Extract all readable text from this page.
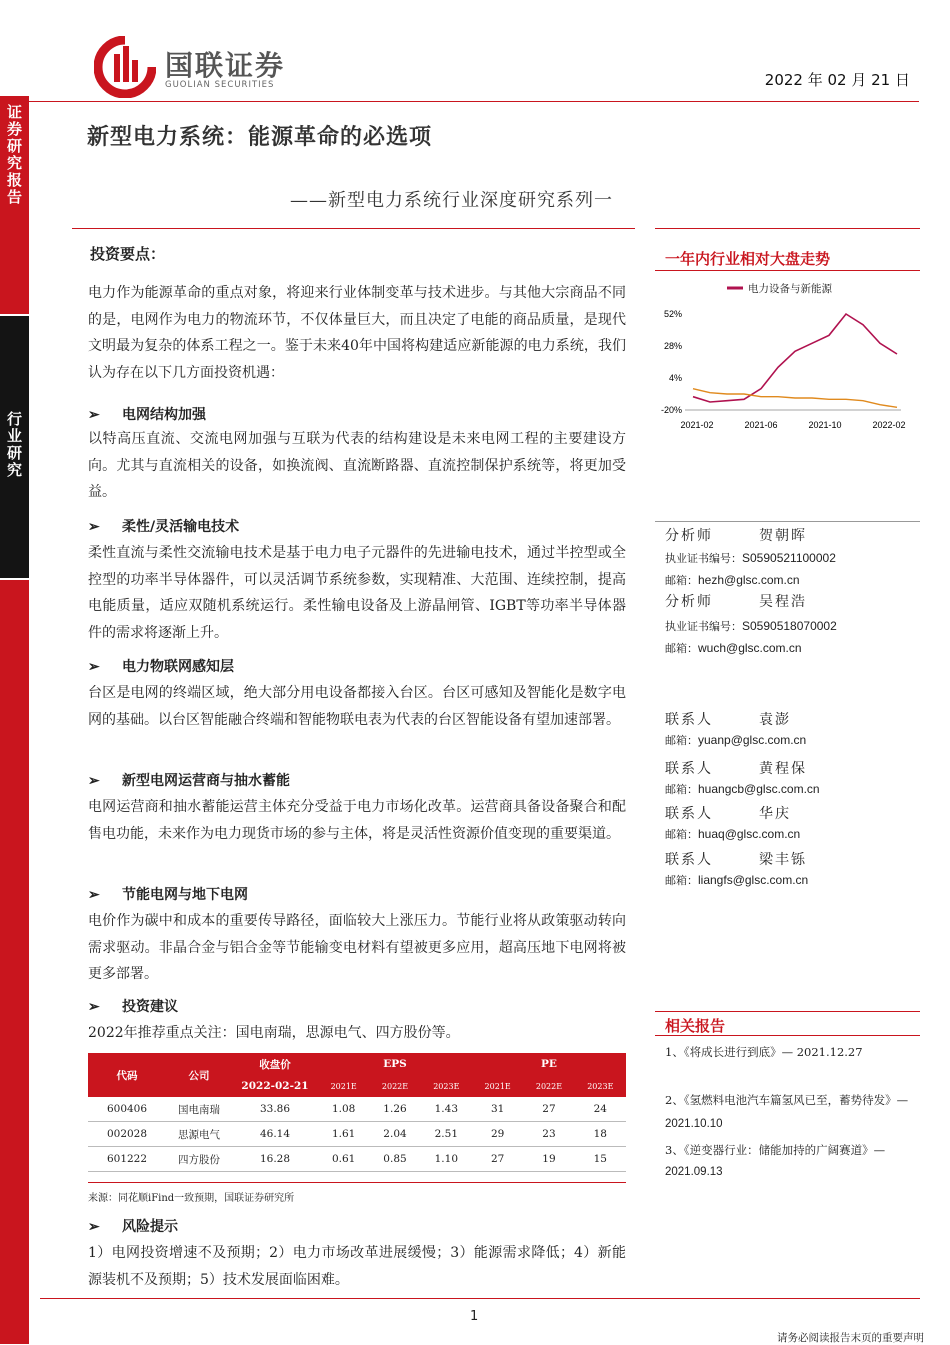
证
券
研
究
报
告
行
业
研
究
国联证券
GUOLIAN SECURITIES	2022 年 02 月 21 日
新型电力系统：能源革命的必选项
——新型电力系统行业深度研究系列一
投资要点：
电力作为能源革命的重点对象，将迎来行业体制变革与技术进步。与其他大宗商品不同的是，电网作为电力的物流环节，不仅体量巨大，而且决定了电能的商品质量，是现代文明最为复杂的体系工程之一。鉴于未来40年中国将构建适应新能源的电力系统，我们认为存在以下几方面投资机遇：
➢ 电网结构加强
以特高压直流、交流电网加强与互联为代表的结构建设是未来电网工程的主要建设方向。尤其与直流相关的设备，如换流阀、直流断路器、直流控制保护系统等，将更加受益。
➢ 柔性/灵活输电技术
柔性直流与柔性交流输电技术是基于电力电子元器件的先进输电技术，通过半控型或全控型的功率半导体器件，可以灵活调节系统参数，实现精准、大范围、连续控制，提高电能质量，适应双随机系统运行。柔性输电设备及上游晶闸管、IGBT等功率半导体器件的需求将逐渐上升。
➢ 电力物联网感知层
台区是电网的终端区域，绝大部分用电设备都接入台区。台区可感知及智能化是数字电网的基础。以台区智能融合终端和智能物联电表为代表的台区智能设备有望加速部署。
➢ 新型电网运营商与抽水蓄能
电网运营商和抽水蓄能运营主体充分受益于电力市场化改革。运营商具备设备聚合和配售电功能，未来作为电力现货市场的参与主体，将是灵活性资源价值变现的重要渠道。
➢ 节能电网与地下电网
电价作为碳中和成本的重要传导路径，面临较大上涨压力。节能行业将从政策驱动转向需求驱动。非晶合金与铝合金等节能输变电材料有望被更多应用，超高压地下电网将被更多部署。
➢ 投资建议
2022年推荐重点关注：国电南瑞，思源电气、四方股份等。
代码	公司	收盘价	EPS			PE		
		2022-02-21	2021E	2022E	2023E	2021E	2022E	2023E
600406	国电南瑞	33.86	1.08	1.26	1.43	31	27	24
002028	思源电气	46.14	1.61	2.04	2.51	29	23	18
601222	四方股份	16.28	0.61	0.85	1.10	27	19	15
来源：同花顺iFind一致预期，国联证券研究所
➢ 风险提示
1）电网投资增速不及预期；2）电力市场改革进展缓慢；3）能源需求降低；4）新能源装机不及预期；5）技术发展面临困难。
一年内行业相对大盘走势
电力设备与新能源
52%
28%
4%
-20%
2021-02	2021-06	2021-10	2022-02
分析师	贺朝晖
执业证书编号：S0590521100002
邮箱：hezh@glsc.com.cn
分析师	吴程浩
执业证书编号：S0590518070002
邮箱：wuch@glsc.com.cn
联系人	袁澎
邮箱：yuanp@glsc.com.cn
联系人	黄程保
邮箱：huangcb@glsc.com.cn
联系人	华庆
邮箱：huaq@glsc.com.cn
联系人	梁丰铄
邮箱：liangfs@glsc.com.cn
相关报告
1、《将成长进行到底》— 2021.12.27
2、《氢燃料电池汽车篇氢风已至，蓄势待发》—
2021.10.10
3、《逆变器行业：储能加持的广阔赛道》—
2021.09.13
1
请务必阅读报告末页的重要声明
